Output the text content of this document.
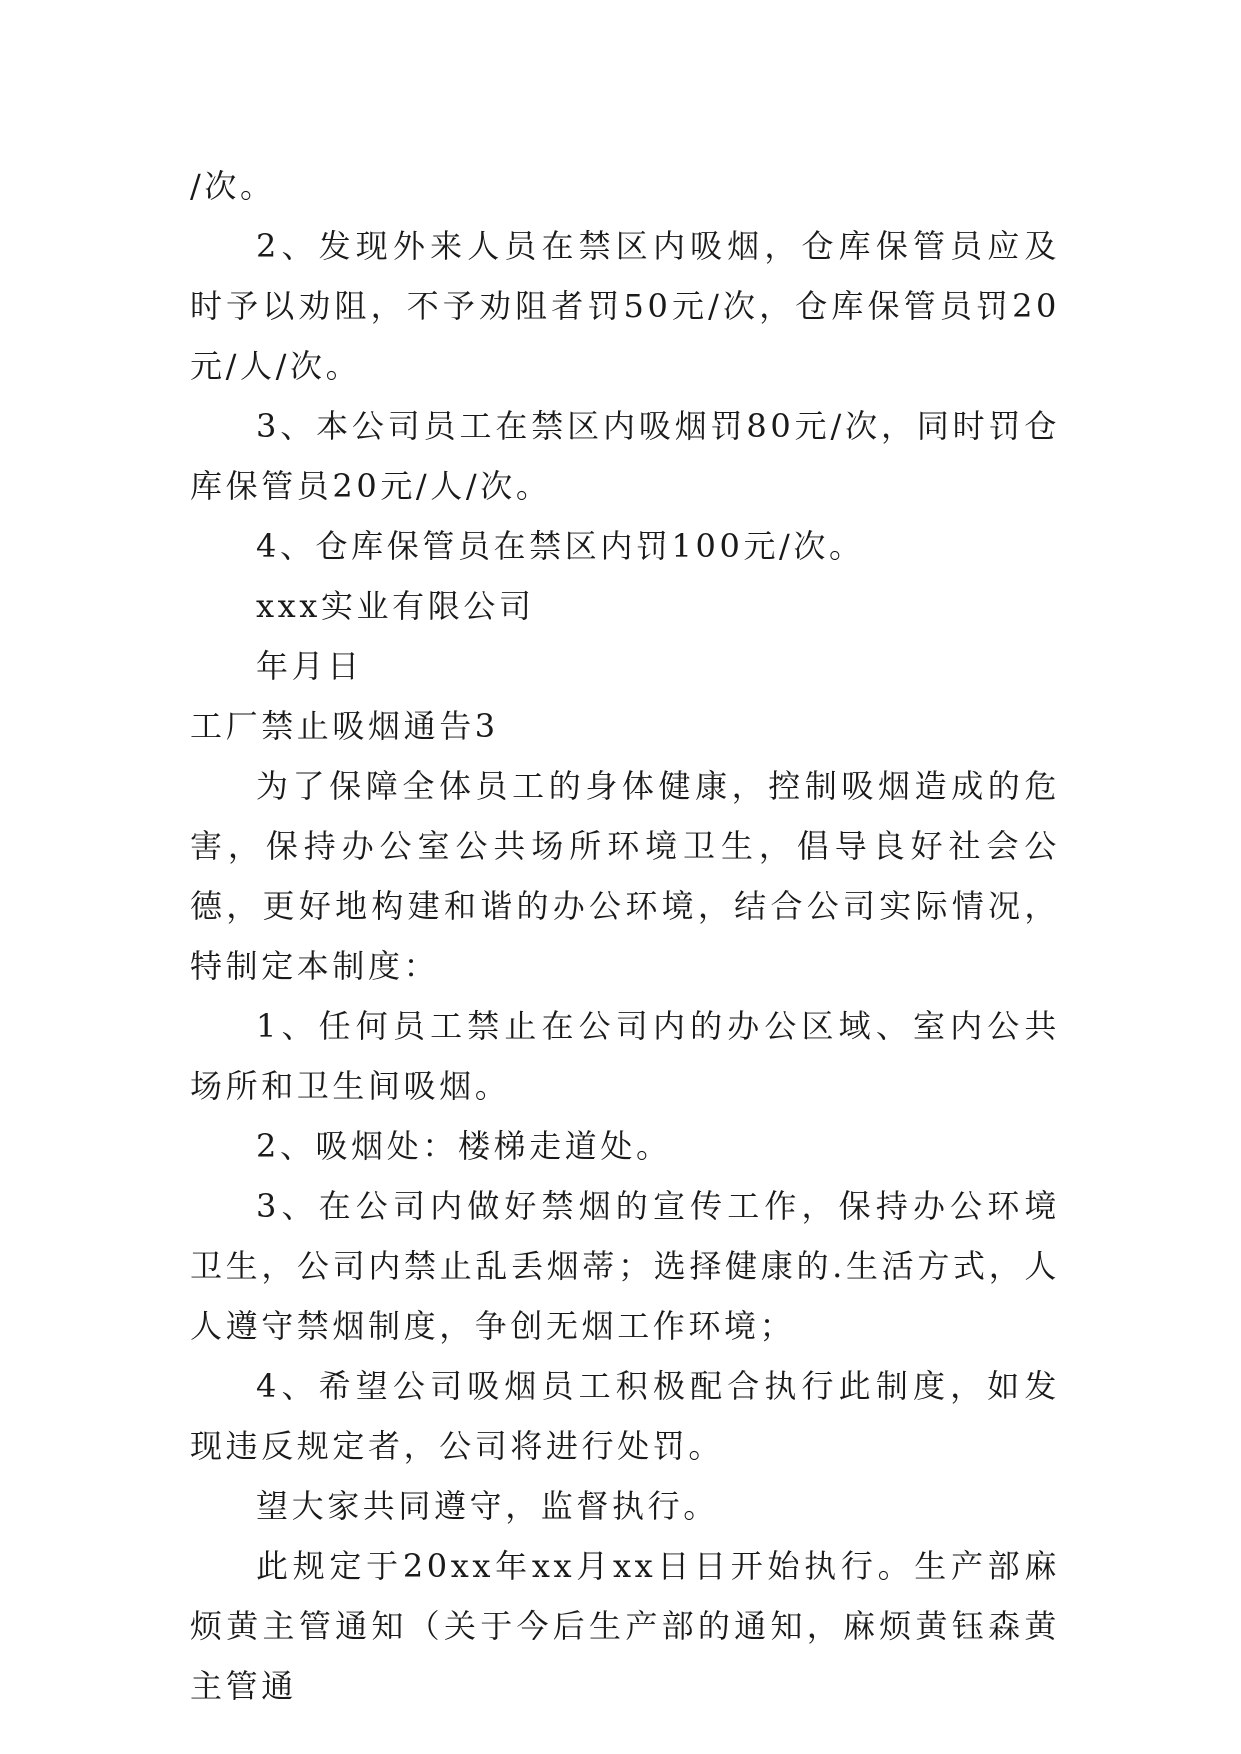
/次。

2、发现外来人员在禁区内吸烟，仓库保管员应及时予以劝阻，不予劝阻者罚50元/次，仓库保管员罚20元/人/次。

3、本公司员工在禁区内吸烟罚80元/次，同时罚仓库保管员20元/人/次。

4、仓库保管员在禁区内罚100元/次。

xxx实业有限公司

年月日

工厂禁止吸烟通告3

为了保障全体员工的身体健康，控制吸烟造成的危害，保持办公室公共场所环境卫生，倡导良好社会公德，更好地构建和谐的办公环境，结合公司实际情况，特制定本制度：

1、任何员工禁止在公司内的办公区域、室内公共场所和卫生间吸烟。

2、吸烟处：楼梯走道处。

3、在公司内做好禁烟的宣传工作，保持办公环境卫生，公司内禁止乱丢烟蒂；选择健康的.生活方式，人人遵守禁烟制度，争创无烟工作环境；

4、希望公司吸烟员工积极配合执行此制度，如发现违反规定者，公司将进行处罚。

望大家共同遵守，监督执行。

此规定于20xx年xx月xx日日开始执行。生产部麻烦黄主管通知（关于今后生产部的通知，麻烦黄钰森黄主管通
